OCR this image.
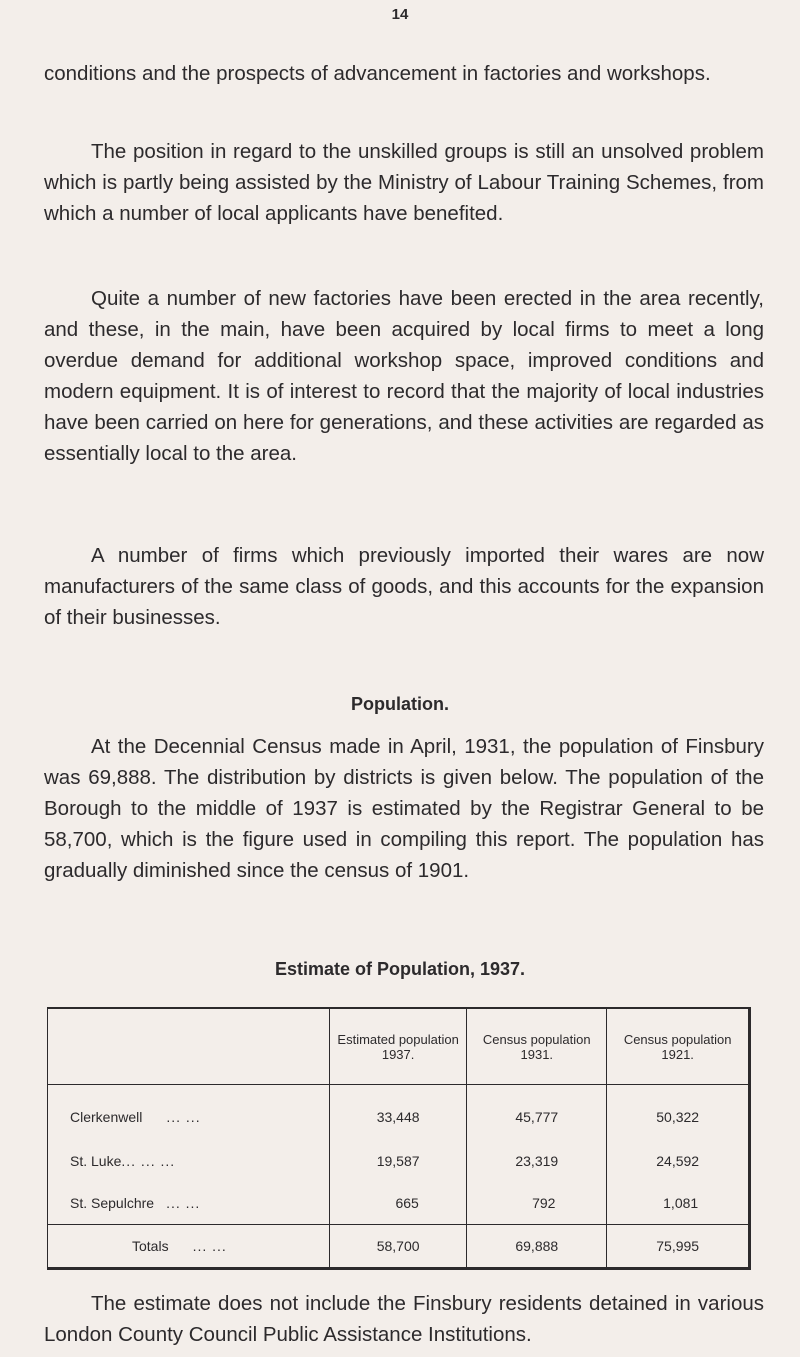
14

conditions and the prospects of advancement in factories and workshops.

The position in regard to the unskilled groups is still an unsolved problem which is partly being assisted by the Ministry of Labour Training Schemes, from which a number of local applicants have benefited.

Quite a number of new factories have been erected in the area recently, and these, in the main, have been acquired by local firms to meet a long overdue demand for additional workshop space, improved conditions and modern equipment. It is of interest to record that the majority of local industries have been carried on here for generations, and these activities are regarded as essentially local to the area.

A number of firms which previously imported their wares are now manufacturers of the same class of goods, and this accounts for the expansion of their businesses.

Population.

At the Decennial Census made in April, 1931, the population of Finsbury was 69,888. The distribution by districts is given below. The population of the Borough to the middle of 1937 is estimated by the Registrar General to be 58,700, which is the figure used in compiling this report. The population has gradually diminished since the census of 1901.

Estimate of Population, 1937.
	Estimated population 1937.	Census population 1931.	Census population 1921.
Clerkenwell ... ...	33,448	45,777	50,322
St. Luke... ... ...	19,587	23,319	24,592
St. Sepulchre ... ...	665	792	1,081
Totals ... ...	58,700	69,888	75,995

The estimate does not include the Finsbury residents detained in various London County Council Public Assistance Institutions.
